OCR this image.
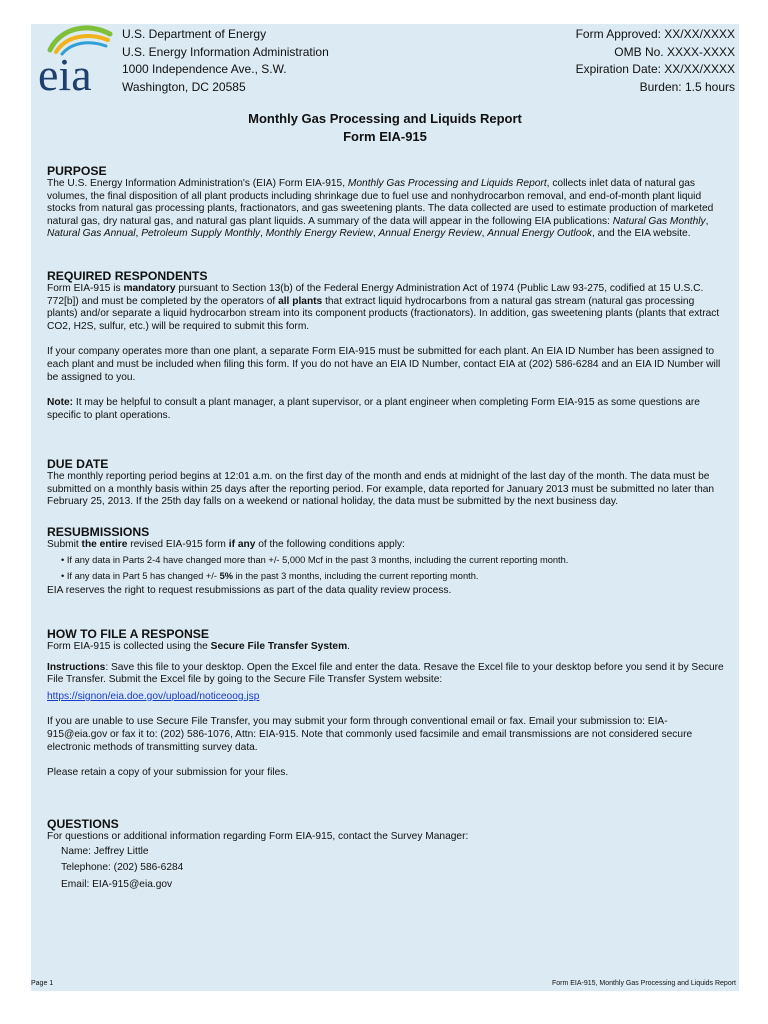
eia
U.S. Department of Energy
U.S. Energy Information Administration
1000 Independence Ave., S.W.
Washington, DC 20585
Form Approved: XX/XX/XXXX
OMB No. XXXX-XXXX
Expiration Date: XX/XX/XXXX
Burden: 1.5 hours
Monthly Gas Processing and Liquids Report
Form EIA-915
PURPOSE

The U.S. Energy Information Administration's (EIA) Form EIA-915, Monthly Gas Processing and Liquids Report, collects inlet data of natural gas volumes, the final disposition of all plant products including shrinkage due to fuel use and nonhydrocarbon removal, and end-of-month plant liquid stocks from natural gas processing plants, fractionators, and gas sweetening plants. The data collected are used to estimate production of marketed natural gas, dry natural gas, and natural gas plant liquids. A summary of the data will appear in the following EIA publications: Natural Gas Monthly, Natural Gas Annual, Petroleum Supply Monthly, Monthly Energy Review, Annual Energy Review, Annual Energy Outlook, and the EIA website.

REQUIRED RESPONDENTS

Form EIA-915 is mandatory pursuant to Section 13(b) of the Federal Energy Administration Act of 1974 (Public Law 93-275, codified at 15 U.S.C. 772[b]) and must be completed by the operators of all plants that extract liquid hydrocarbons from a natural gas stream (natural gas processing plants) and/or separate a liquid hydrocarbon stream into its component products (fractionators). In addition, gas sweetening plants (plants that extract CO2, H2S, sulfur, etc.) will be required to submit this form.

If your company operates more than one plant, a separate Form EIA-915 must be submitted for each plant. An EIA ID Number has been assigned to each plant and must be included when filing this form. If you do not have an EIA ID Number, contact EIA at (202) 586-6284 and an EIA ID Number will be assigned to you.

Note: It may be helpful to consult a plant manager, a plant supervisor, or a plant engineer when completing Form EIA-915 as some questions are specific to plant operations.

DUE DATE

The monthly reporting period begins at 12:01 a.m. on the first day of the month and ends at midnight of the last day of the month. The data must be submitted on a monthly basis within 25 days after the reporting period. For example, data reported for January 2013 must be submitted no later than February 25, 2013. If the 25th day falls on a weekend or national holiday, the data must be submitted by the next business day.

RESUBMISSIONS

Submit the entire revised EIA-915 form if any of the following conditions apply:

• If any data in Parts 2-4 have changed more than +/- 5,000 Mcf in the past 3 months, including the current reporting month.
• If any data in Part 5 has changed +/- 5% in the past 3 months, including the current reporting month.

EIA reserves the right to request resubmissions as part of the data quality review process.

HOW TO FILE A RESPONSE

Form EIA-915 is collected using the Secure File Transfer System.

Instructions: Save this file to your desktop. Open the Excel file and enter the data. Resave the Excel file to your desktop before you send it by Secure File Transfer. Submit the Excel file by going to the Secure File Transfer System website:

https://signon/eia.doe.gov/upload/noticeoog.jsp

If you are unable to use Secure File Transfer, you may submit your form through conventional email or fax. Email your submission to: EIA-915@eia.gov or fax it to: (202) 586-1076, Attn: EIA-915. Note that commonly used facsimile and email transmissions are not considered secure electronic methods of transmitting survey data.

Please retain a copy of your submission for your files.

QUESTIONS

For questions or additional information regarding Form EIA-915, contact the Survey Manager:

Name: Jeffrey Little
Telephone: (202) 586-6284
Email: EIA-915@eia.gov
Page 1	Form EIA-915, Monthly Gas Processing and Liquids Report
